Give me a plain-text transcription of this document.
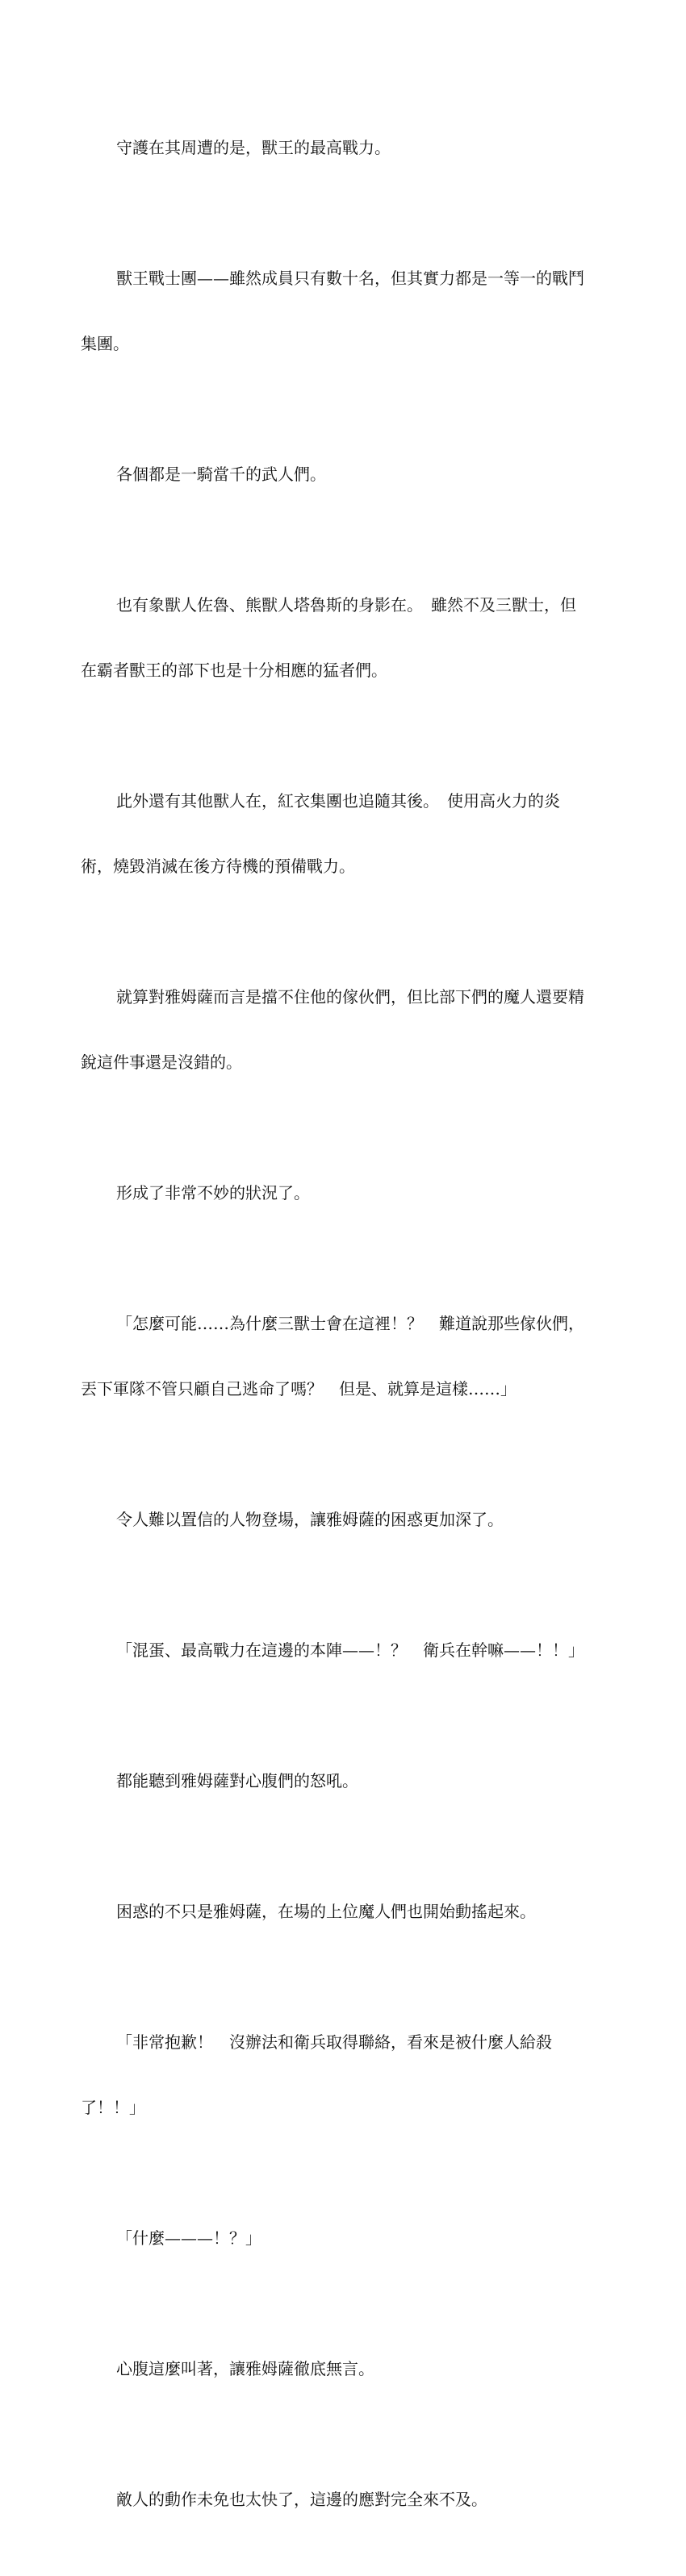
守護在其周遭的是，獸王的最高戰力。

獸王戰士團——雖然成員只有數十名，但其實力都是一等一的戰鬥

集團。

各個都是一騎當千的武人們。

也有象獸人佐魯、熊獸人塔魯斯的身影在。　雖然不及三獸士，但

在霸者獸王的部下也是十分相應的猛者們。

此外還有其他獸人在，紅衣集團也追隨其後。　使用高火力的炎

術，燒毀消滅在後方待機的預備戰力。

就算對雅姆薩而言是擋不住他的傢伙們，但比部下們的魔人還要精

銳這件事還是沒錯的。

形成了非常不妙的狀況了。

「怎麼可能……為什麼三獸士會在這裡！？　難道說那些傢伙們，

丟下軍隊不管只顧自己逃命了嗎？　但是、就算是這樣……」

令人難以置信的人物登場，讓雅姆薩的困惑更加深了。

「混蛋、最高戰力在這邊的本陣——！？　衛兵在幹嘛——！！」

都能聽到雅姆薩對心腹們的怒吼。

困惑的不只是雅姆薩，在場的上位魔人們也開始動搖起來。

「非常抱歉！　沒辦法和衛兵取得聯絡，看來是被什麼人給殺

了！！」

「什麼———！？」

心腹這麼叫著，讓雅姆薩徹底無言。

敵人的動作未免也太快了，這邊的應對完全來不及。
